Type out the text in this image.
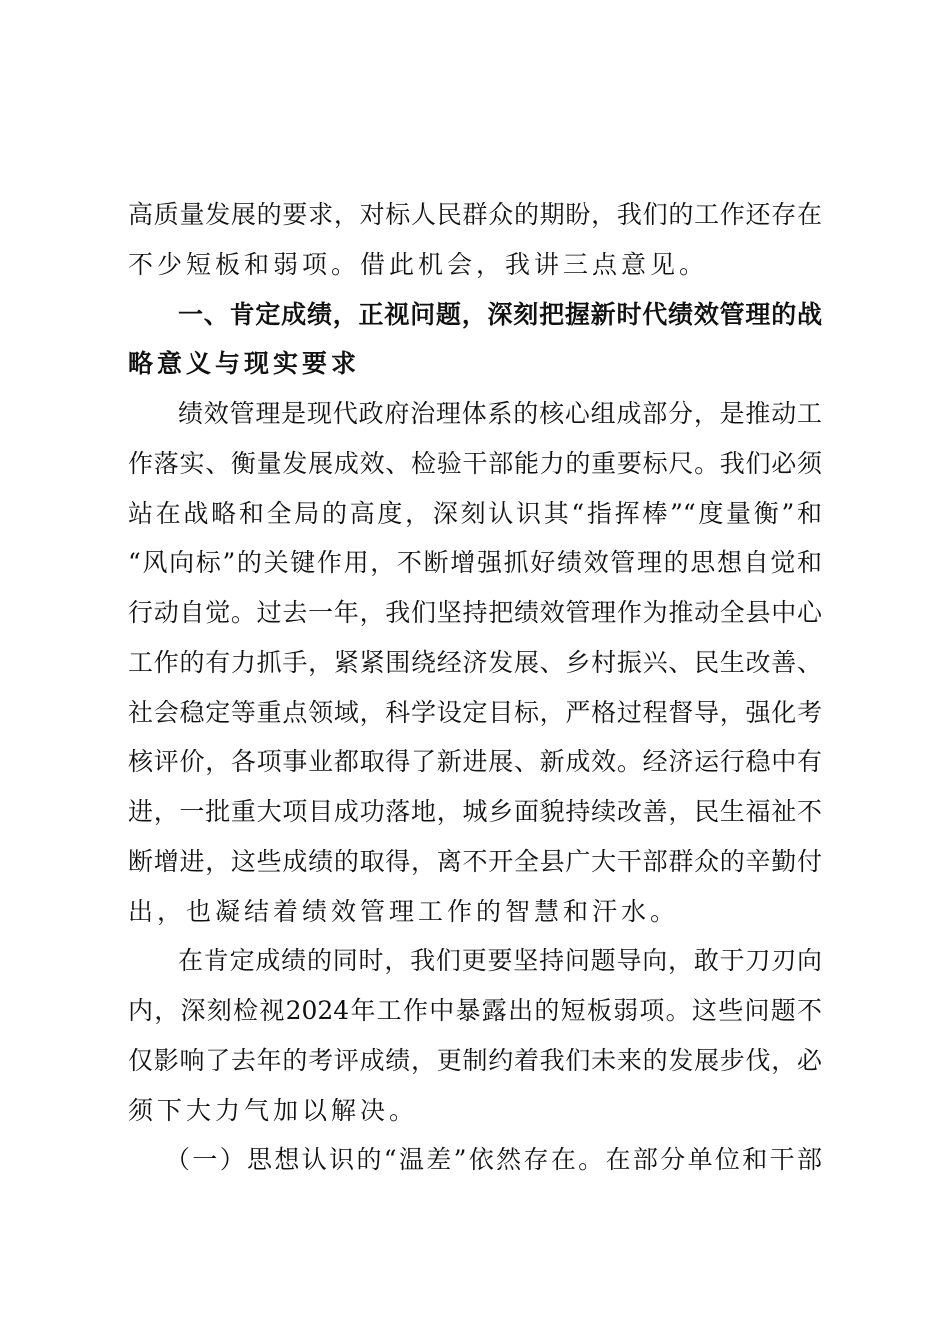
高质量发展的要求，对标人民群众的期盼，我们的工作还存在
不少短板和弱项。借此机会，我讲三点意见。
一、肯定成绩，正视问题，深刻把握新时代绩效管理的战
略意义与现实要求
绩效管理是现代政府治理体系的核心组成部分，是推动工
作落实、衡量发展成效、检验干部能力的重要标尺。我们必须
站在战略和全局的高度，深刻认识其“指挥棒”“度量衡”和
“风向标”的关键作用，不断增强抓好绩效管理的思想自觉和
行动自觉。过去一年，我们坚持把绩效管理作为推动全县中心
工作的有力抓手，紧紧围绕经济发展、乡村振兴、民生改善、
社会稳定等重点领域，科学设定目标，严格过程督导，强化考
核评价，各项事业都取得了新进展、新成效。经济运行稳中有
进，一批重大项目成功落地，城乡面貌持续改善，民生福祉不
断增进，这些成绩的取得，离不开全县广大干部群众的辛勤付
出，也凝结着绩效管理工作的智慧和汗水。
在肯定成绩的同时，我们更要坚持问题导向，敢于刀刃向
内，深刻检视2024年工作中暴露出的短板弱项。这些问题不
仅影响了去年的考评成绩，更制约着我们未来的发展步伐，必
须下大力气加以解决。
（一）思想认识的“温差”依然存在。在部分单位和干部
